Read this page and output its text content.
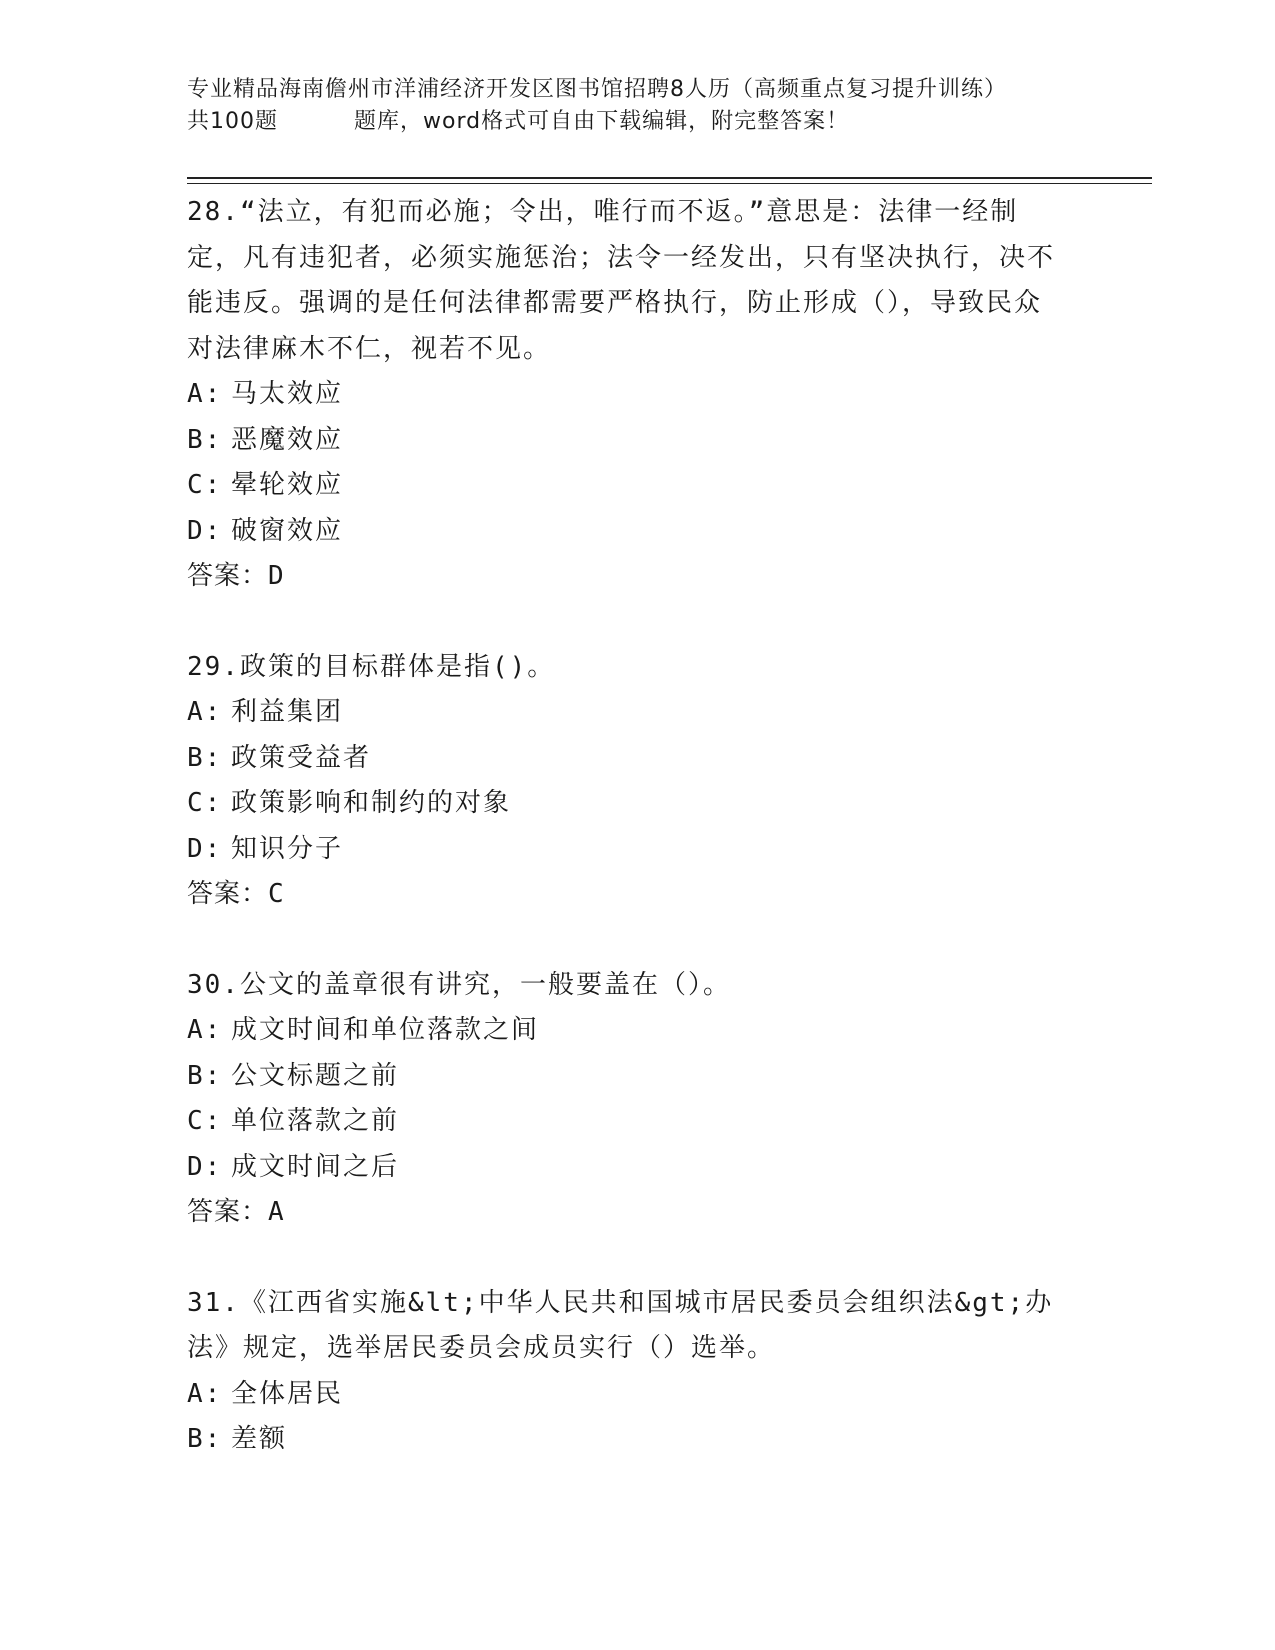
专业精品海南儋州市洋浦经济开发区图书馆招聘8人历（高频重点复习提升训练）
共100题	题库，word格式可自由下载编辑，附完整答案！

28.“法立，有犯而必施；令出，唯行而不返。”意思是：法律一经制定，凡有违犯者，必须实施惩治；法令一经发出，只有坚决执行，决不能违反。强调的是任何法律都需要严格执行，防止形成（），导致民众对法律麻木不仁，视若不见。

A: 马太效应

B: 恶魔效应

C: 晕轮效应

D: 破窗效应

答案：D

29.政策的目标群体是指()。

A: 利益集团

B: 政策受益者

C: 政策影响和制约的对象

D: 知识分子

答案：C

30.公文的盖章很有讲究，一般要盖在（）。

A: 成文时间和单位落款之间

B: 公文标题之前

C: 单位落款之前

D: 成文时间之后

答案：A

31.《江西省实施&lt;中华人民共和国城市居民委员会组织法&gt;办法》规定，选举居民委员会成员实行（）选举。

A: 全体居民

B: 差额
